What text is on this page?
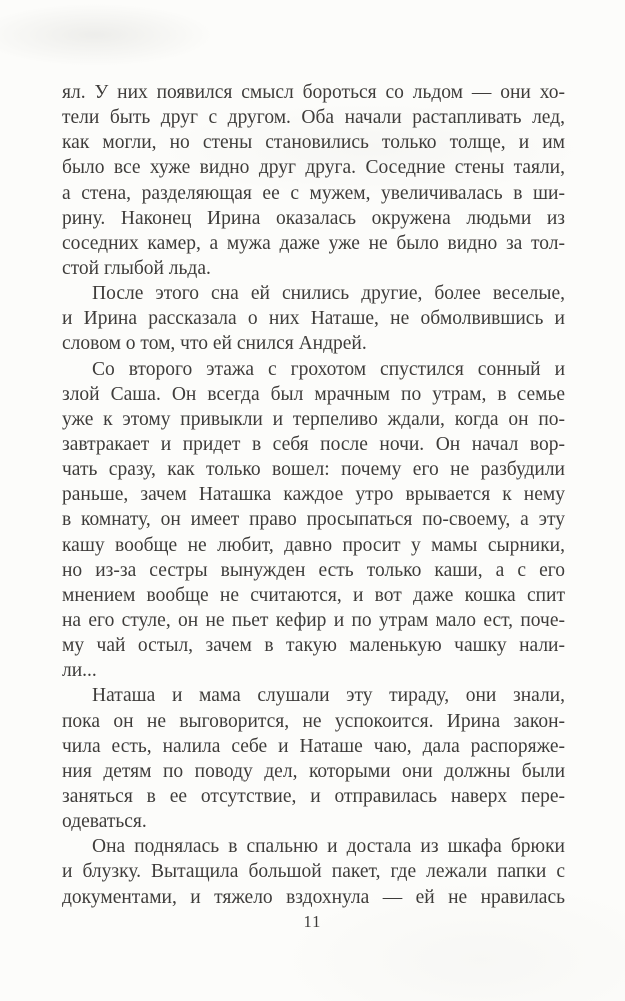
ял. У них появился смысл бороться со льдом — они хо-
тели быть друг с другом. Оба начали растапливать лед,
как могли, но стены становились только толще, и им
было все хуже видно друг друга. Соседние стены таяли,
а стена, разделяющая ее с мужем, увеличивалась в ши-
рину. Наконец Ирина оказалась окружена людьми из
соседних камер, а мужа даже уже не было видно за тол-
стой глыбой льда.
После этого сна ей снились другие, более веселые,
и Ирина рассказала о них Наташе, не обмолвившись и
словом о том, что ей снился Андрей.
Со второго этажа с грохотом спустился сонный и
злой Саша. Он всегда был мрачным по утрам, в семье
уже к этому привыкли и терпеливо ждали, когда он по-
завтракает и придет в себя после ночи. Он начал вор-
чать сразу, как только вошел: почему его не разбудили
раньше, зачем Наташка каждое утро врывается к нему
в комнату, он имеет право просыпаться по-своему, а эту
кашу вообще не любит, давно просит у мамы сырники,
но из-за сестры вынужден есть только каши, а с его
мнением вообще не считаются, и вот даже кошка спит
на его стуле, он не пьет кефир и по утрам мало ест, поче-
му чай остыл, зачем в такую маленькую чашку нали-
ли...
Наташа и мама слушали эту тираду, они знали,
пока он не выговорится, не успокоится. Ирина закон-
чила есть, налила себе и Наташе чаю, дала распоряже-
ния детям по поводу дел, которыми они должны были
заняться в ее отсутствие, и отправилась наверх пере-
одеваться.
Она поднялась в спальню и достала из шкафа брюки
и блузку. Вытащила большой пакет, где лежали папки с
документами, и тяжело вздохнула — ей не нравилась
11
